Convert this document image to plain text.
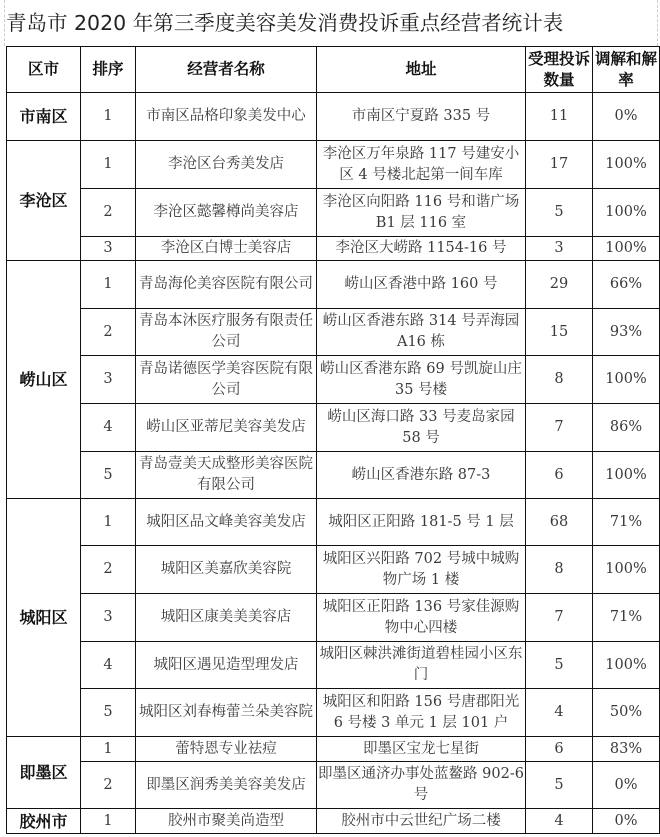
青岛市 2020 年第三季度美容美发消费投诉重点经营者统计表
区市	排序	经营者名称	地址	受理投诉数量	调解和解率
市南区	1	市南区品格印象美发中心	市南区宁夏路 335 号	11	0%
李沧区	1	李沧区台秀美发店	李沧区万年泉路 117 号建安小区 4 号楼北起第一间车库	17	100%
	2	李沧区懿馨樽尚美容店	李沧区向阳路 116 号和谐广场 B1 层 116 室	5	100%
	3	李沧区白博士美容店	李沧区大崂路 1154-16 号	3	100%
崂山区	1	青岛海伦美容医院有限公司	崂山区香港中路 160 号	29	66%
	2	青岛本沐医疗服务有限责任公司	崂山区香港东路 314 号弄海园 A16 栋	15	93%
	3	青岛诺德医学美容医院有限公司	崂山区香港东路 69 号凯旋山庄 35 号楼	8	100%
	4	崂山区亚蒂尼美容美发店	崂山区海口路 33 号麦岛家园 58 号	7	86%
	5	青岛壹美天成整形美容医院有限公司	崂山区香港东路 87-3	6	100%
城阳区	1	城阳区品文峰美容美发店	城阳区正阳路 181-5 号 1 层	68	71%
	2	城阳区美嘉欣美容院	城阳区兴阳路 702 号城中城购物广场 1 楼	8	100%
	3	城阳区康美美美容店	城阳区正阳路 136 号家佳源购物中心四楼	7	71%
	4	城阳区遇见造型理发店	城阳区棘洪滩街道碧桂园小区东门	5	100%
	5	城阳区刘春梅蕾兰朵美容院	城阳区和阳路 156 号唐郡阳光 6 号楼 3 单元 1 层 101 户	4	50%
即墨区	1	蕾特恩专业祛痘	即墨区宝龙七星街	6	83%
	2	即墨区润秀美美容美发店	即墨区通济办事处蓝鳌路 902-6 号	5	0%
胶州市	1	胶州市聚美尚造型	胶州市中云世纪广场二楼	4	0%
